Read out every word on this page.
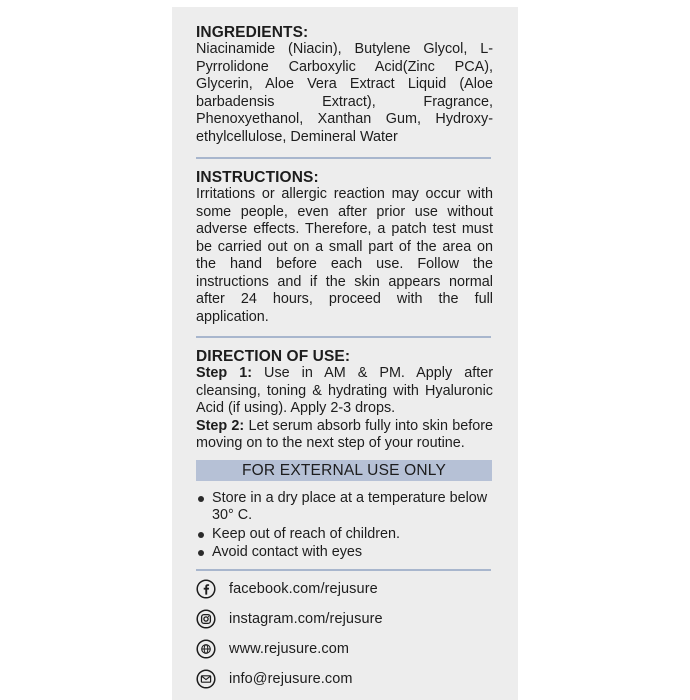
INGREDIENTS:

Niacinamide (Niacin), Butylene Glycol, L-Pyrrolidone Carboxylic Acid(Zinc PCA), Glycerin, Aloe Vera Extract Liquid (Aloe barbadensis Extract), Fragrance, Phenoxyethanol, Xanthan Gum, Hydroxy-ethylcellulose, Demineral Water

INSTRUCTIONS:

Irritations or allergic reaction may occur with some people, even after prior use without adverse effects. Therefore, a patch test must be carried out on a small part of the area on the hand before each use. Follow the instructions and if the skin appears normal after 24 hours, proceed with the full application.

DIRECTION OF USE:

Step 1: Use in AM & PM. Apply after cleansing, toning & hydrating with Hyaluronic Acid (if using). Apply 2-3 drops.

Step 2: Let serum absorb fully into skin before moving on to the next step of your routine.

FOR EXTERNAL USE ONLY
Store in a dry place at a temperature below 30° C.
Keep out of reach of children.
Avoid contact with eyes
facebook.com/rejusure
instagram.com/rejusure
www.rejusure.com
info@rejusure.com
